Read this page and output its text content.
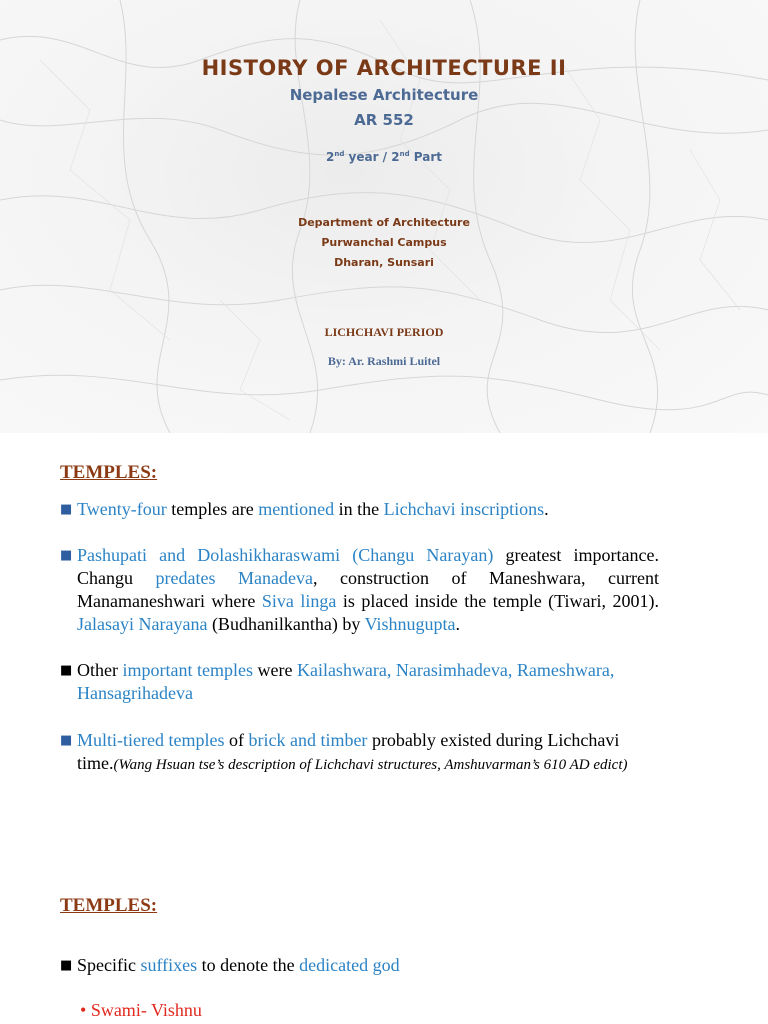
HISTORY OF ARCHITECTURE II
Nepalese Architecture
AR 552
2nd year / 2nd Part
Department of Architecture
Purwanchal Campus
Dharan, Sunsari
LICHCHAVI PERIOD
By: Ar. Rashmi Luitel
TEMPLES:
■ Twenty-four temples are mentioned in the Lichchavi inscriptions.
■ Pashupati and Dolashikharaswami (Changu Narayan) greatest importance. Changu predates Manadeva, construction of Maneshwara, current Manamaneshwari where Siva linga is placed inside the temple (Tiwari, 2001). Jalasayi Narayana (Budhanilkantha) by Vishnugupta.
■ Other important temples were Kailashwara, Narasimhadeva, Rameshwara, Hansagrihadeva
■ Multi-tiered temples of brick and timber probably existed during Lichchavi time.(Wang Hsuan tse’s description of Lichchavi structures, Amshuvarman’s 610 AD edict)
TEMPLES:
■ Specific suffixes to denote the dedicated god
• Swami- Vishnu
